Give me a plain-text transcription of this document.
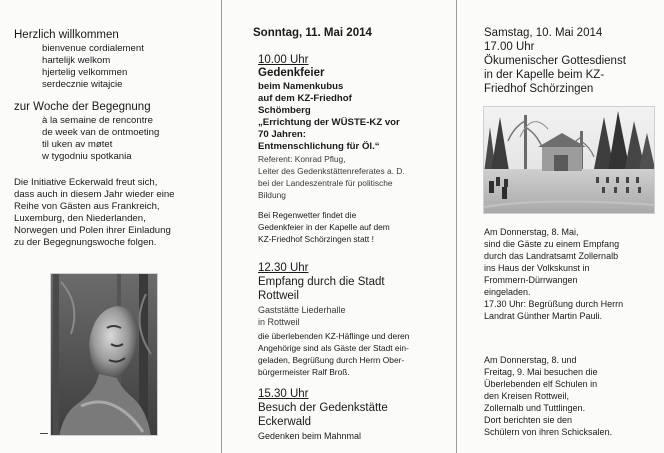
Herzlich willkommen
bienvenue cordialement
hartelijk welkom
hjertelig velkommen
serdecznie witajcie
zur Woche der Begegnung
à la semaine de rencontre
de week van de ontmoeting
til uken av møtet
w tygodniu spotkania
Die Initiative Eckerwald freut sich,
dass auch in diesem Jahr wieder eine
Reihe von Gästen aus Frankreich,
Luxemburg, den Niederlanden,
Norwegen und Polen ihrer Einladung
zu der Begegnungswoche folgen.
Sonntag, 11. Mai 2014
10.00 Uhr
Gedenkfeier
beim Namenkubus
auf dem KZ-Friedhof
Schömberg
„Errichtung der WÜSTE-KZ vor
70 Jahren:
Entmenschlichung für Öl.“
Referent: Konrad Pflug,
Leiter des Gedenkstättenreferates a. D.
bei der Landeszentrale für politische
Bildung
Bei Regenwetter findet die
Gedenkfeier in der Kapelle auf dem
KZ-Friedhof Schörzingen statt !
12.30 Uhr
Empfang durch die Stadt
Rottweil
Gaststätte Liederhalle
in Rottweil
die überlebenden KZ-Häflinge und deren
Angehörige sind als Gäste der Stadt ein-
geladen, Begrüßung durch Herrn Ober-
bürgermeister Ralf Broß.
15.30 Uhr
Besuch der Gedenkstätte
Eckerwald
Gedenken beim Mahnmal
Samstag, 10. Mai 2014
17.00 Uhr
Ökumenischer Gottesdienst
in der Kapelle beim KZ-
Friedhof Schörzingen
Am Donnerstag, 8. Mai,
sind die Gäste zu einem Empfang
durch das Landratsamt Zollernalb
ins Haus der Volkskunst in
Frommern-Dürrwangen
eingeladen.
17.30 Uhr: Begrüßung durch Herrn
Landrat Günther Martin Pauli.
Am Donnerstag, 8. und
Freitag, 9. Mai besuchen die
Überlebenden elf Schulen in
den Kreisen Rottweil,
Zollernalb und Tuttlingen.
Dort berichten sie den
Schülern von ihren Schicksalen.
